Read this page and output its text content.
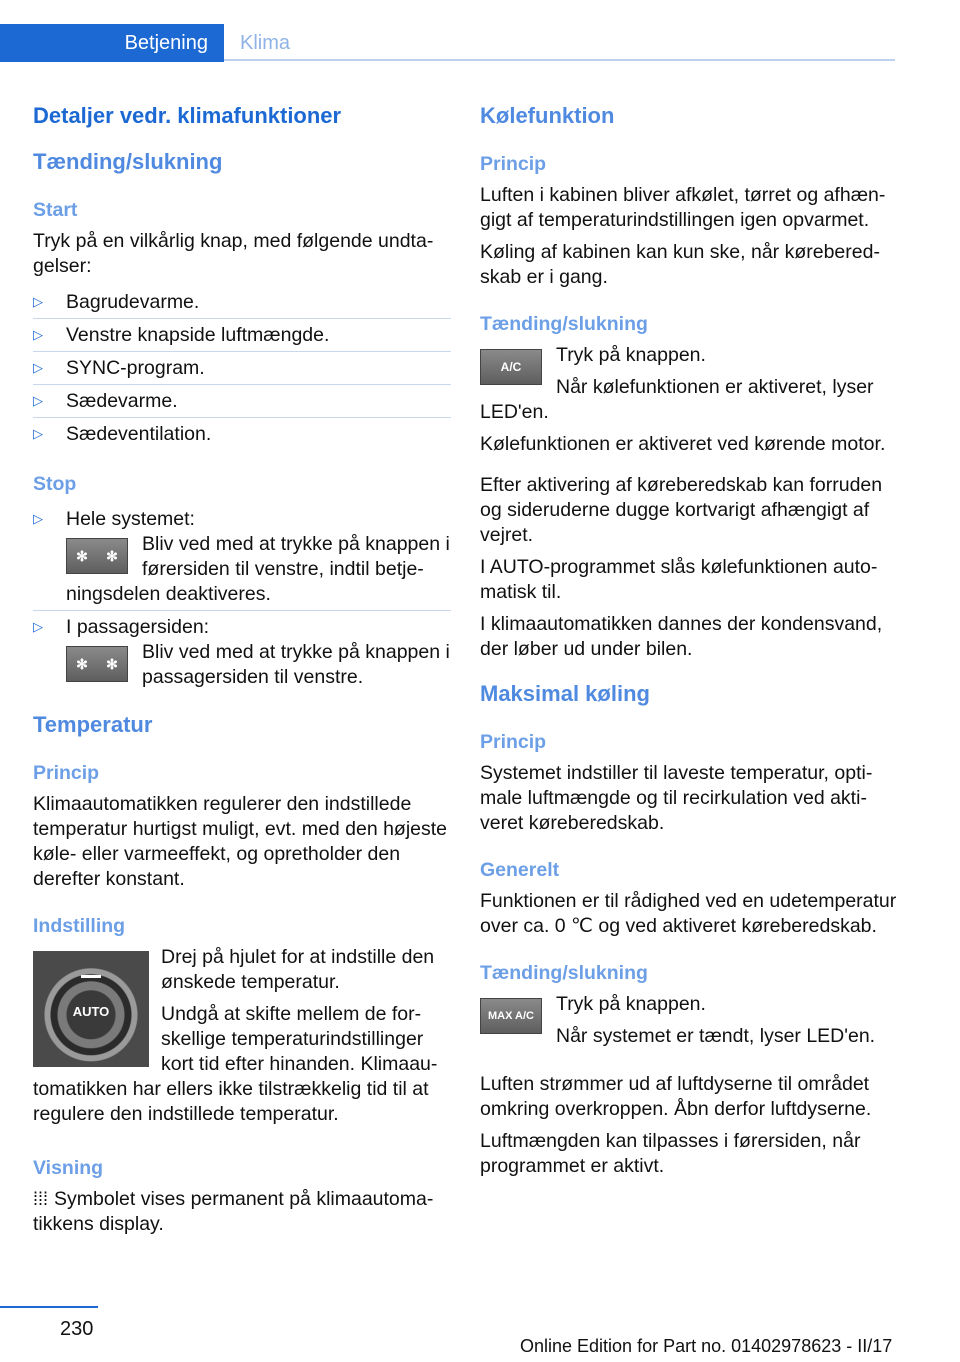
Betjening Klima
Detaljer vedr. klimafunktioner
Tænding/slukning
Start

Tryk på en vilkårlig knap, med følgende undtagelser:

▷ Bagrudevarme.
▷ Venstre knapside luftmængde.
▷ SYNC-program.
▷ Sædevarme.
▷ Sædeventilation.
Stop
▷ Hele systemet:
✻ ✻
Bliv ved med at trykke på knappen i førersiden til venstre, indtil betjeningsdelen deaktiveres.
▷ I passagersiden:
✻ ✻
Bliv ved med at trykke på knappen i passagersiden til venstre.
Temperatur
Princip

Klimaautomatikken regulerer den indstillede temperatur hurtigst muligt, evt. med den højeste køle- eller varmeeffekt, og opretholder den derefter konstant.

Indstilling
AUTO

Drej på hjulet for at indstille den ønskede temperatur.

Undgå at skifte mellem de forskellige temperaturindstillinger kort tid efter hinanden. Klimaautomatikken har ellers ikke tilstrækkelig tid til at regulere den indstillede temperatur.

Visning

⁞⁞⁞ Symbolet vises permanent på klimaautomatikkens display.

Kølefunktion
Princip

Luften i kabinen bliver afkølet, tørret og afhængigt af temperaturindstillingen igen opvarmet.

Køling af kabinen kan kun ske, når køreberedskab er i gang.

Tænding/slukning
A/C

Tryk på knappen.

Når kølefunktionen er aktiveret, lyser LED'en.

Kølefunktionen er aktiveret ved kørende motor.

Efter aktivering af køreberedskab kan forruden og sideruderne dugge kortvarigt afhængigt af vejret.

I AUTO-programmet slås kølefunktionen automatisk til.

I klimaautomatikken dannes der kondensvand, der løber ud under bilen.

Maksimal køling
Princip

Systemet indstiller til laveste temperatur, optimale luftmængde og til recirkulation ved aktiveret køreberedskab.

Generelt

Funktionen er til rådighed ved en udetemperatur over ca. 0 ℃ og ved aktiveret køreberedskab.

Tænding/slukning
MAX A/C

Tryk på knappen.

Når systemet er tændt, lyser LED'en.

Luften strømmer ud af luftdyserne til området omkring overkroppen. Åbn derfor luftdyserne.

Luftmængden kan tilpasses i førersiden, når programmet er aktivt.

230
Online Edition for Part no. 01402978623 - II/17
